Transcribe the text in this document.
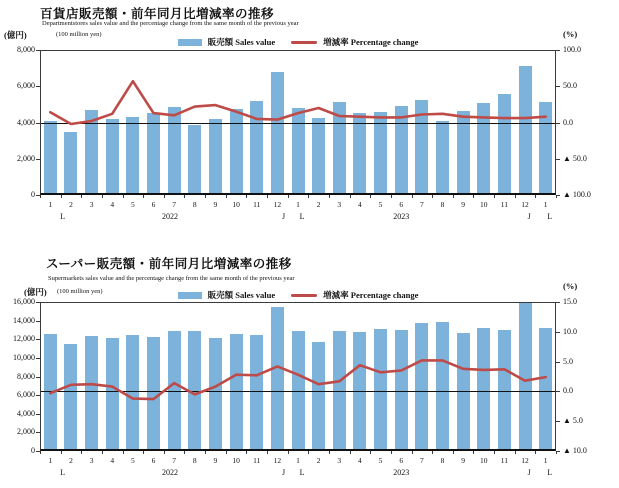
百貨店販売額・前年同月比増減率の推移
Departmentstores sales value and the percentage change from the same month of the previous year
(億円)	(100 million yen)	(%)
販売額 Sales value	増減率 Percentage change
8,000
6,000
4,000
2,000
0
100.0
50.0
0.0
▲ 50.0
▲ 100.0
1	2	3	4	5	6	7	8	9	10	11	12	1	2	3	4	5	6	7	8	9	10	11	12	1
L	2022	J	L	2023	J	L
スーパー販売額・前年同月比増減率の推移
Supermarkets sales value and the percentage change from the same month of the previous year
(億円) (100 million yen)
(%)
販売額 Sales value	増減率 Percentage change
16,000
14,000
12,000
10,000
8,000
6,000
4,000
2,000
0
15.0
10.0
5.0
0.0
▲ 5.0
▲ 10.0
1	2	3	4	5	6	7	8	9	10	11	12	1	2	3	4	5	6	7	8	9	10	11	12	1
L	2022	J	L	2023	J	L
